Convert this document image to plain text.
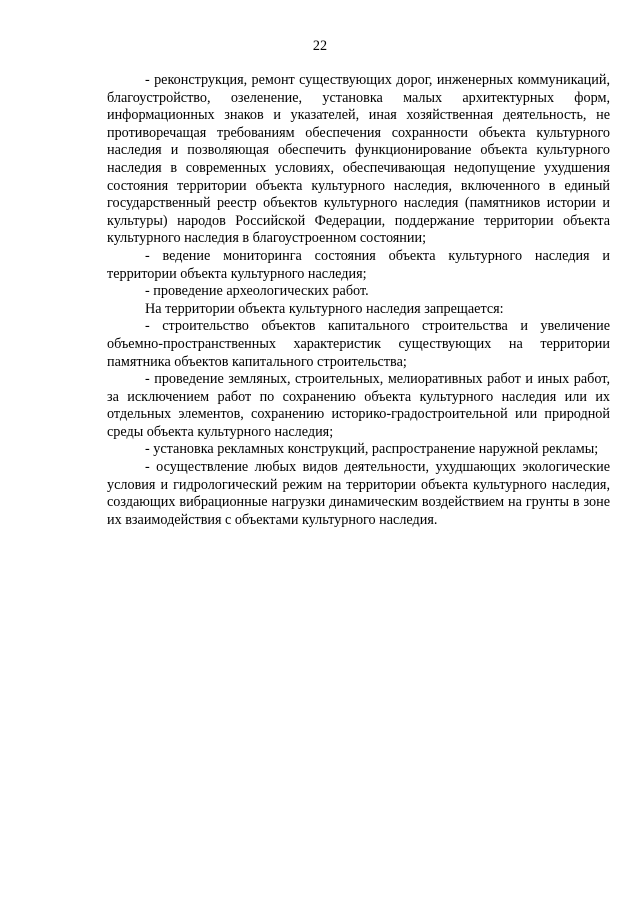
22

- реконструкция, ремонт существующих дорог, инженерных коммуникаций, благоустройство, озеленение, установка малых архитектурных форм, информационных знаков и указателей, иная хозяйственная деятельность, не противоречащая требованиям обеспечения сохранности объекта культурного наследия и позволяющая обеспечить функционирование объекта культурного наследия в современных условиях, обеспечивающая недопущение ухудшения состояния территории объекта культурного наследия, включенного в единый государственный реестр объектов культурного наследия (памятников истории и культуры) народов Российской Федерации, поддержание территории объекта культурного наследия в благоустроенном состоянии;

- ведение мониторинга состояния объекта культурного наследия и территории объекта культурного наследия;

- проведение археологических работ.

На территории объекта культурного наследия запрещается:

- строительство объектов капитального строительства и увеличение объемно-пространственных характеристик существующих на территории памятника объектов капитального строительства;

- проведение земляных, строительных, мелиоративных работ и иных работ, за исключением работ по сохранению объекта культурного наследия или их отдельных элементов, сохранению историко-градостроительной или природной среды объекта культурного наследия;

- установка рекламных конструкций, распространение наружной рекламы;

- осуществление любых видов деятельности, ухудшающих экологические условия и гидрологический режим на территории объекта культурного наследия, создающих вибрационные нагрузки динамическим воздействием на грунты в зоне их взаимодействия с объектами культурного наследия.
